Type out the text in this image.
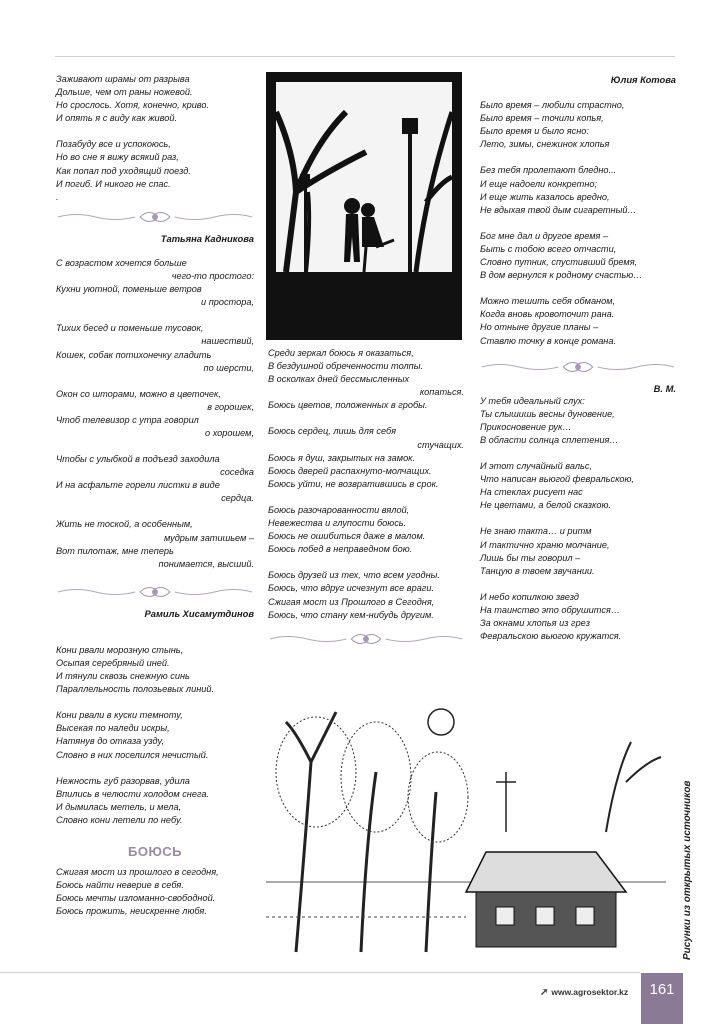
Заживают шрамы от разрыва
Дольше, чем от раны ножевой.
Но срослось. Хотя, конечно, криво.
И опять я с виду как живой.
Позабуду все и успокоюсь,
Но во сне я вижу всякий раз,
Как попал под уходящий поезд.
И погиб. И никого не спас.
.

Татьяна Кадникова

С возрастом хочется больше
чего-то простого:
Кухни уютной, поменьше ветров
и простора,
Тихих бесед и поменьше тусовок,
нашествий,
Кошек, собак потихонечку гладить
по шерсти,
Окон со шторами, можно в цветочек,
в горошек,
Чтоб телевизор с утра говорил
о хорошем,
Чтобы с улыбкой в подъезд заходила
соседка
И на асфальте горели листки в виде
сердца.
Жить не тоской, а особенным,
мудрым затишьем –
Вот пилотаж, мне теперь
понимается, высший.

Рамиль Хисамутдинов

Кони рвали морозную стынь,
Осыпая серебряный иней.
И тянули сквозь снежную синь
Параллельность полозьевых линий.
Кони рвали в куски темноту,
Высекая по наледи искры,
Натянув до отказа узду,
Словно в них поселился нечистый.
Нежность губ разорвав, удила
Впились в челюсти холодом снега.
И дымилась метель, и мела,
Словно кони летели по небу.
БОЮСЬ
Сжигая мост из прошлого в сегодня,
Боюсь найти неверие в себя.
Боюсь мечты изломанно-свободной.
Боюсь прожить, неискренне любя.
Среди зеркал боюсь я оказаться,
В бездушной обреченности толпы.
В осколках дней бессмысленных
копаться.
Боюсь цветов, положенных в гробы.
Боюсь сердец, лишь для себя
стучащих.
Боюсь я душ, закрытых на замок.
Боюсь дверей распахнуто-молчащих.
Боюсь уйти, не возвратившись в срок.
Боюсь разочарованности вялой,
Невежества и глупости боюсь.
Боюсь не ошибиться даже в малом.
Боюсь побед в неправедном бою.
Боюсь друзей из тех, что всем угодны.
Боюсь, что вдруг исчезнут все враги.
Сжигая мост из Прошлого в Сегодня,
Боюсь, что стану кем-нибудь другим.

Юлия Котова

Было время – любили страстно,
Было время – точили копья,
Было время и было ясно:
Лето, зимы, снежинок хлопья
Без тебя пролетают бледно...
И еще надоели конкретно;
И еще жить казалось вредно,
Не вдыхая твой дым сигаретный…
Бог мне дал и другое время –
Быть с тобою всего отчасти,
Словно путник, спустивший бремя,
В дом вернулся к родному счастью…
Можно тешить себя обманом,
Когда вновь кровоточит рана.
Но отныне другие планы –
Ставлю точку в конце романа.

В. М.

У тебя идеальный слух:
Ты слышишь весны дуновение,
Прикосновение рук…
В области солнца сплетения…
И этот случайный вальс,
Что написан вьюгой февральскою,
На стеклах рисует нас
Не цветами, а белой сказкою.
Не знаю такта… и ритм
И тактично храню молчание,
Лишь бы ты говорил –
Танцую в твоем звучании.
И небо копилкою звезд
На таинство это обрушится…
За окнами хлопья из грез
Февральскою вьюгою кружатся.
Рисунки из открытых источников
➚ www.agrosektor.kz	161
